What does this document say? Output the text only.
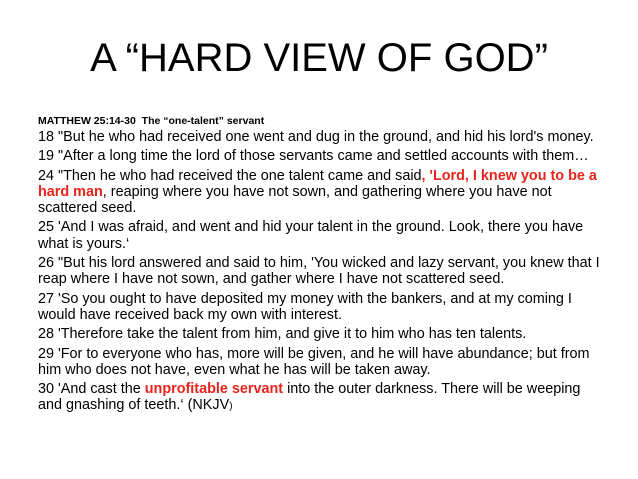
A “HARD VIEW OF GOD”
MATTHEW 25:14-30 The “one-talent” servant
18 "But he who had received one went and dug in the ground, and hid his lord's money.
19 "After a long time the lord of those servants came and settled accounts with them…
24 "Then he who had received the one talent came and said, 'Lord, I knew you to be a hard man, reaping where you have not sown, and gathering where you have not scattered seed.
25 'And I was afraid, and went and hid your talent in the ground. Look, there you have what is yours.‘
26 "But his lord answered and said to him, 'You wicked and lazy servant, you knew that I reap where I have not sown, and gather where I have not scattered seed.
27 'So you ought to have deposited my money with the bankers, and at my coming I would have received back my own with interest.
28 'Therefore take the talent from him, and give it to him who has ten talents.
29 'For to everyone who has, more will be given, and he will have abundance; but from him who does not have, even what he has will be taken away.
30 'And cast the unprofitable servant into the outer darkness. There will be weeping and gnashing of teeth.‘ (NKJV)
